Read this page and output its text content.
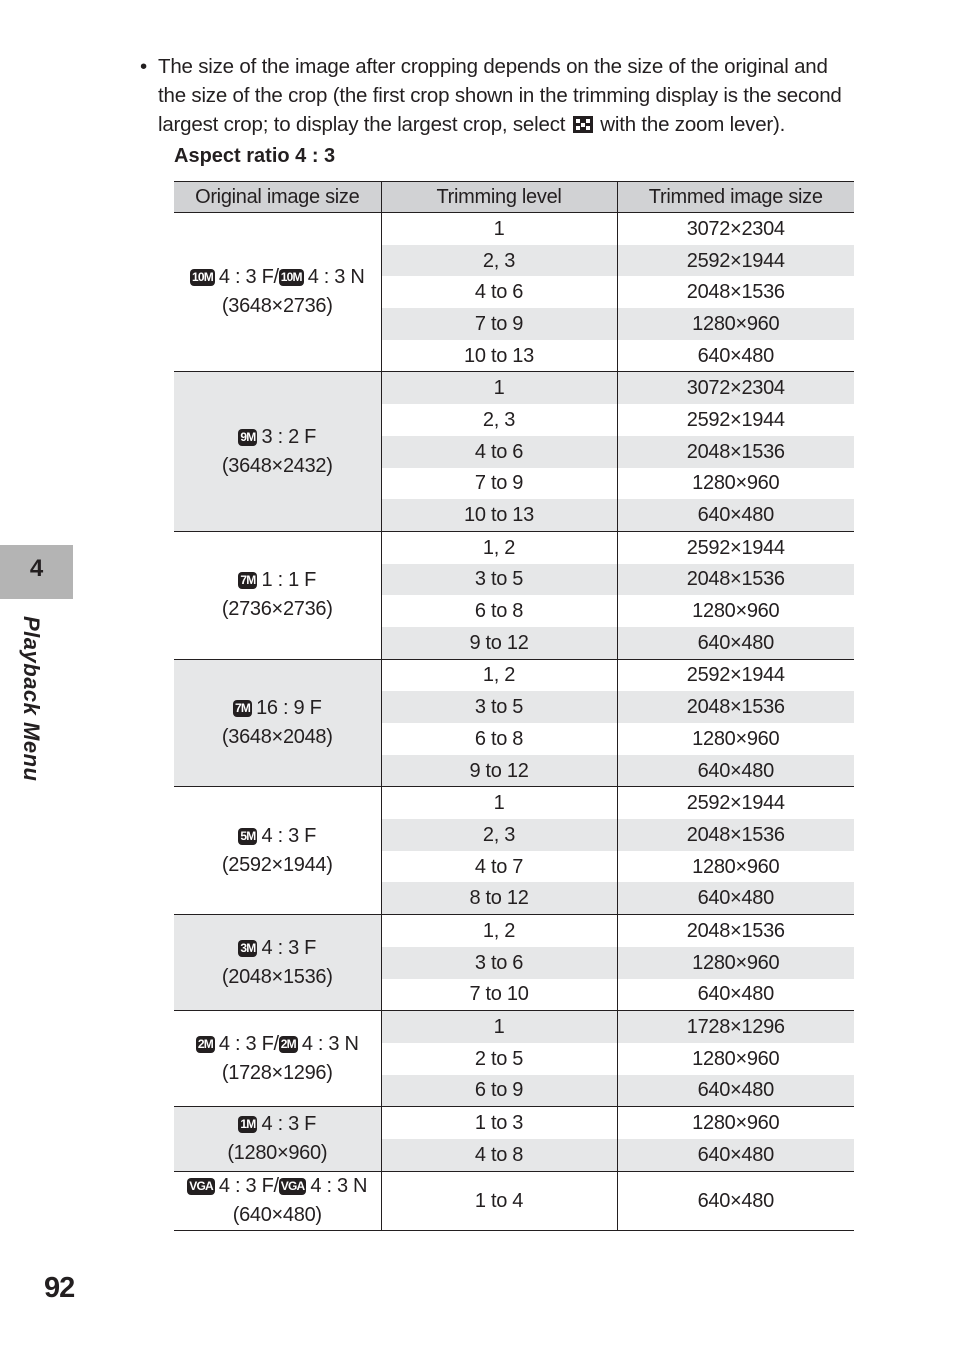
• The size of the image after cropping depends on the size of the original and the size of the crop (the first crop shown in the trimming display is the second largest crop; to display the largest crop, select with the zoom lever).
Aspect ratio 4 : 3
Original image size	Trimming level	Trimmed image size

10M 4 : 3 F/ 10M 4 : 3 N
(3648×2736)	1	3072×2304
	2, 3	2592×1944
	4 to 6	2048×1536
	7 to 9	1280×960
	10 to 13	640×480

9M 3 : 2 F
(3648×2432)	1	3072×2304
	2, 3	2592×1944
	4 to 6	2048×1536
	7 to 9	1280×960
	10 to 13	640×480

7M 1 : 1 F
(2736×2736)	1, 2	2592×1944
	3 to 5	2048×1536
	6 to 8	1280×960
	9 to 12	640×480

7M 16 : 9 F
(3648×2048)	1, 2	2592×1944
	3 to 5	2048×1536
	6 to 8	1280×960
	9 to 12	640×480

5M 4 : 3 F
(2592×1944)	1	2592×1944
	2, 3	2048×1536
	4 to 7	1280×960
	8 to 12	640×480

3M 4 : 3 F
(2048×1536)	1, 2	2048×1536
	3 to 6	1280×960
	7 to 10	640×480

2M 4 : 3 F/ 2M 4 : 3 N
(1728×1296)	1	1728×1296
	2 to 5	1280×960
	6 to 9	640×480

1M 4 : 3 F
(1280×960)	1 to 3	1280×960
	4 to 8	640×480

VGA 4 : 3 F/ VGA 4 : 3 N
(640×480)	1 to 4	640×480
4
Playback Menu
92
